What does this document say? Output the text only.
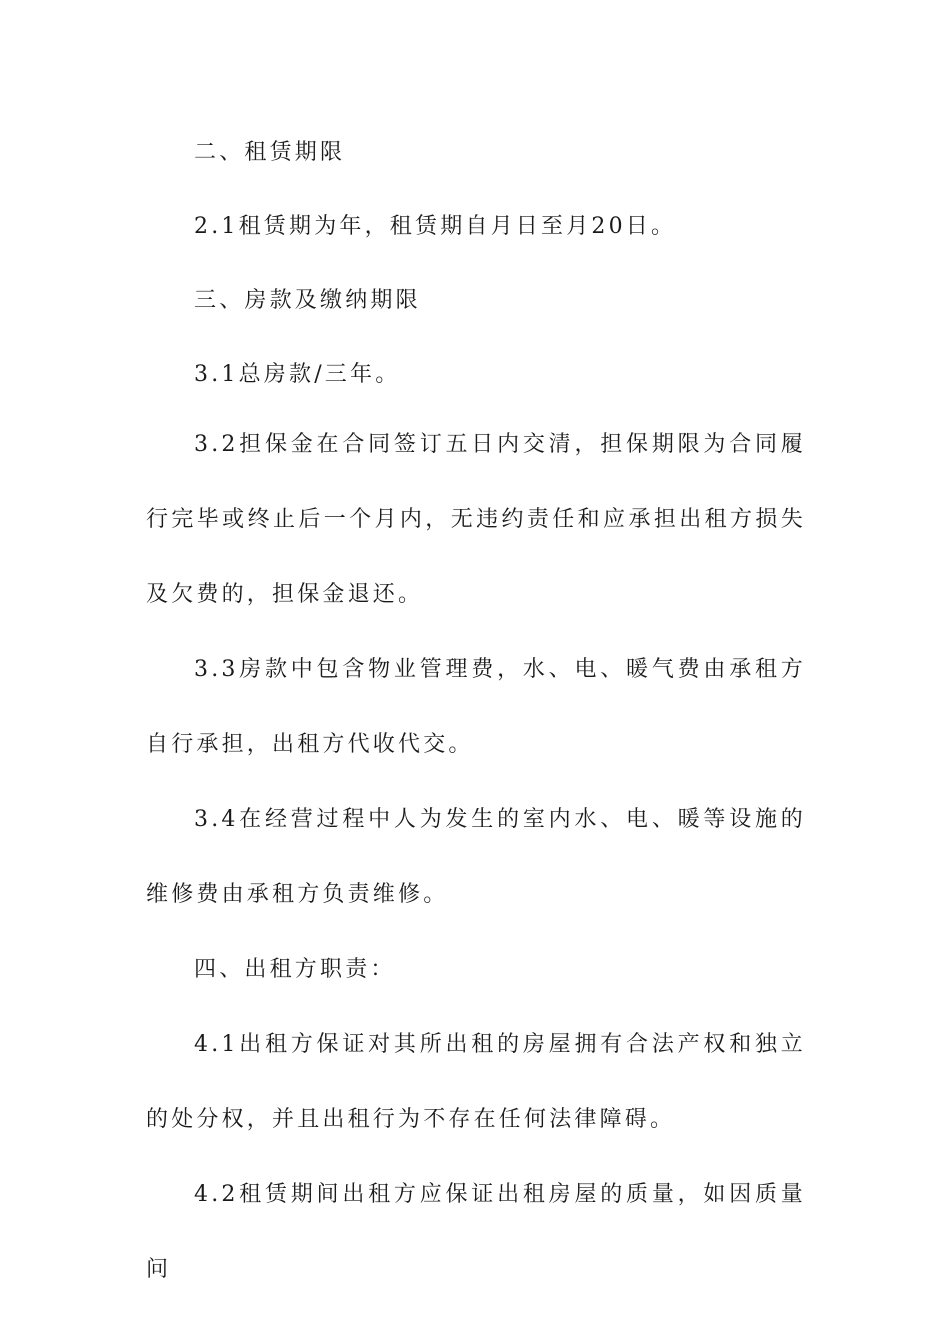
二、租赁期限

2.1租赁期为年，租赁期自月日至月20日。

三、房款及缴纳期限

3.1总房款/三年。

3.2担保金在合同签订五日内交清，担保期限为合同履行完毕或终止后一个月内，无违约责任和应承担出租方损失及欠费的，担保金退还。

3.3房款中包含物业管理费，水、电、暖气费由承租方自行承担，出租方代收代交。

3.4在经营过程中人为发生的室内水、电、暖等设施的维修费由承租方负责维修。

四、出租方职责：

4.1出租方保证对其所出租的房屋拥有合法产权和独立的处分权，并且出租行为不存在任何法律障碍。

4.2租赁期间出租方应保证出租房屋的质量，如因质量问
